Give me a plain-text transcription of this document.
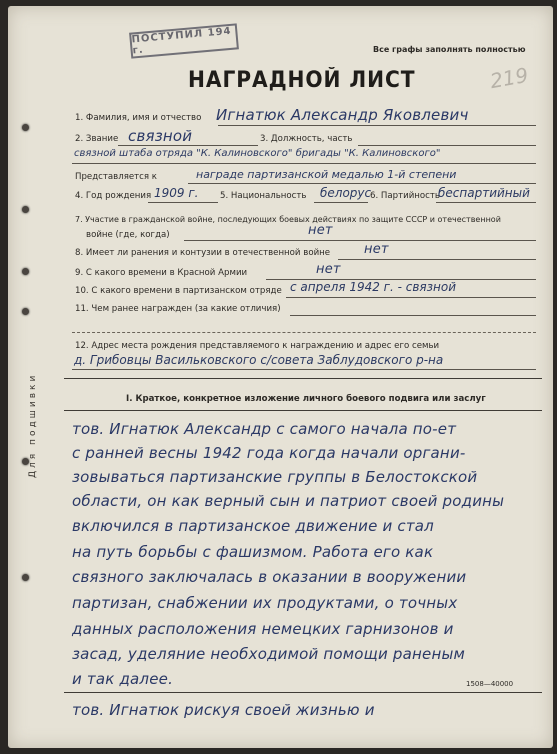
Для подшивки
ПОСТУПИЛ 194 г.	Все графы заполнять полностью
219
НАГРАДНОЙ ЛИСТ
1. Фамилия, имя и отчество Игнатюк Александр Яковлевич
2. Звание связной	3. Должность, часть
связной штаба отряда "К. Калиновского" бригады "К. Калиновского"
Представляется к	награде партизанской медалью 1-й степени
4. Год рождения 1909 г.	5. Национальность белорус
6. Партийность
беспартийный
7. Участие в гражданской войне, последующих боевых действиях по защите СССР и отечественной
войне (где, когда)	нет
8. Имеет ли ранения и контузии в отечественной войне	нет
9. С какого времени в Красной Армии	нет
10. С какого времени в партизанском отряде с апреля 1942 г. - связной
11. Чем ранее награжден (за какие отличия)
12. Адрес места рождения представляемого к награждению и адрес его семьи
д. Грибовцы Васильковского с/совета Заблудовского р-на
I. Краткое, конкретное изложение личного боевого подвига или заслуг
тов. Игнатюк Александр с самого начала по-ет
с ранней весны 1942 года когда начали органи-
зовываться партизанские группы в Белостокской
области, он как верный сын и патриот своей родины
включился в партизанское движение и стал
на путь борьбы с фашизмом. Работа его как
связного заключалась в оказании в вооружении
партизан, снабжении их продуктами, о точных
данных расположения немецких гарнизонов и
засад, уделяние необходимой помощи раненым
и так далее.	1508—40000
тов. Игнатюк рискуя своей жизнью и
